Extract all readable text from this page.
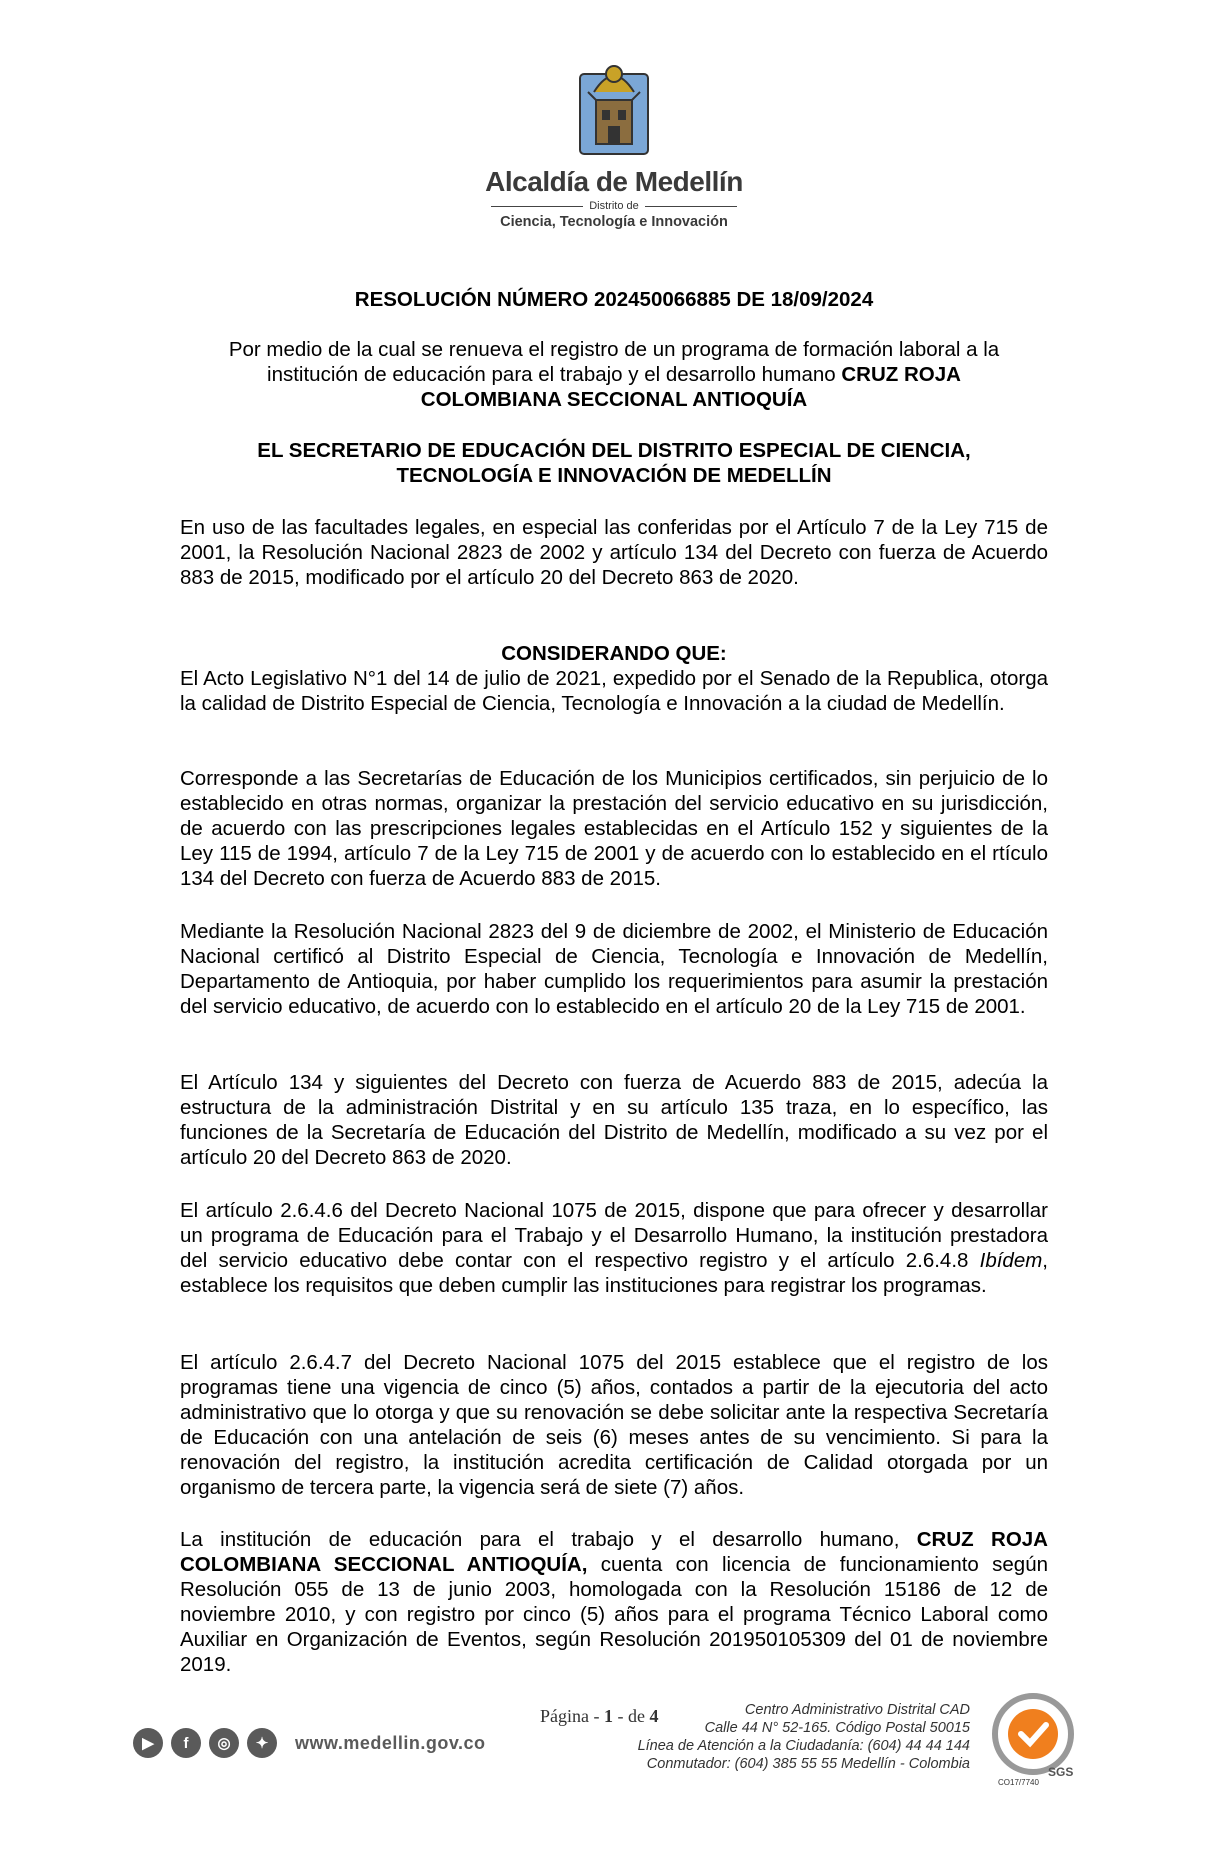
Alcaldía de Medellín
Distrito de
Ciencia, Tecnología e Innovación
RESOLUCIÓN NÚMERO 202450066885 DE 18/09/2024
Por medio de la cual se renueva el registro de un programa de formación laboral a la institución de educación para el trabajo y el desarrollo humano CRUZ ROJA COLOMBIANA SECCIONAL ANTIOQUÍA
EL SECRETARIO DE EDUCACIÓN DEL DISTRITO ESPECIAL DE CIENCIA,
TECNOLOGÍA E INNOVACIÓN DE MEDELLÍN
En uso de las facultades legales, en especial las conferidas por el Artículo 7 de la Ley 715 de 2001, la Resolución Nacional 2823 de 2002 y artículo 134 del Decreto con fuerza de Acuerdo 883 de 2015, modificado por el artículo 20 del Decreto 863 de 2020.
CONSIDERANDO QUE:
El Acto Legislativo N°1 del 14 de julio de 2021, expedido por el Senado de la Republica, otorga la calidad de Distrito Especial de Ciencia, Tecnología e Innovación a la ciudad de Medellín.
Corresponde a las Secretarías de Educación de los Municipios certificados, sin perjuicio de lo establecido en otras normas, organizar la prestación del servicio educativo en su jurisdicción, de acuerdo con las prescripciones legales establecidas en el Artículo 152 y siguientes de la Ley 115 de 1994, artículo 7 de la Ley 715 de 2001 y de acuerdo con lo establecido en el rtículo 134 del Decreto con fuerza de Acuerdo 883 de 2015.
Mediante la Resolución Nacional 2823 del 9 de diciembre de 2002, el Ministerio de Educación Nacional certificó al Distrito Especial de Ciencia, Tecnología e Innovación de Medellín, Departamento de Antioquia, por haber cumplido los requerimientos para asumir la prestación del servicio educativo, de acuerdo con lo establecido en el artículo 20 de la Ley 715 de 2001.
El Artículo 134 y siguientes del Decreto con fuerza de Acuerdo 883 de 2015, adecúa la estructura de la administración Distrital y en su artículo 135 traza, en lo específico, las funciones de la Secretaría de Educación del Distrito de Medellín, modificado a su vez por el artículo 20 del Decreto 863 de 2020.
El artículo 2.6.4.6 del Decreto Nacional 1075 de 2015, dispone que para ofrecer y desarrollar un programa de Educación para el Trabajo y el Desarrollo Humano, la institución prestadora del servicio educativo debe contar con el respectivo registro y el artículo 2.6.4.8 Ibídem, establece los requisitos que deben cumplir las instituciones para registrar los programas.
El artículo 2.6.4.7 del Decreto Nacional 1075 del 2015 establece que el registro de los programas tiene una vigencia de cinco (5) años, contados a partir de la ejecutoria del acto administrativo que lo otorga y que su renovación se debe solicitar ante la respectiva Secretaría de Educación con una antelación de seis (6) meses antes de su vencimiento. Si para la renovación del registro, la institución acredita certificación de Calidad otorgada por un organismo de tercera parte, la vigencia será de siete (7) años.
La institución de educación para el trabajo y el desarrollo humano, CRUZ ROJA COLOMBIANA SECCIONAL ANTIOQUÍA, cuenta con licencia de funcionamiento según Resolución 055 de 13 de junio 2003, homologada con la Resolución 15186 de 12 de noviembre 2010, y con registro por cinco (5) años para el programa Técnico Laboral como Auxiliar en Organización de Eventos, según Resolución 201950105309 del 01 de noviembre 2019.
Página - 1 - de 4
▶	f	◎	✦	www.medellin.gov.co
Centro Administrativo Distrital CAD
Calle 44 N° 52-165. Código Postal 50015
Línea de Atención a la Ciudadanía: (604) 44 44 144
Conmutador: (604) 385 55 55 Medellín - Colombia	SGS
CO17/7740
